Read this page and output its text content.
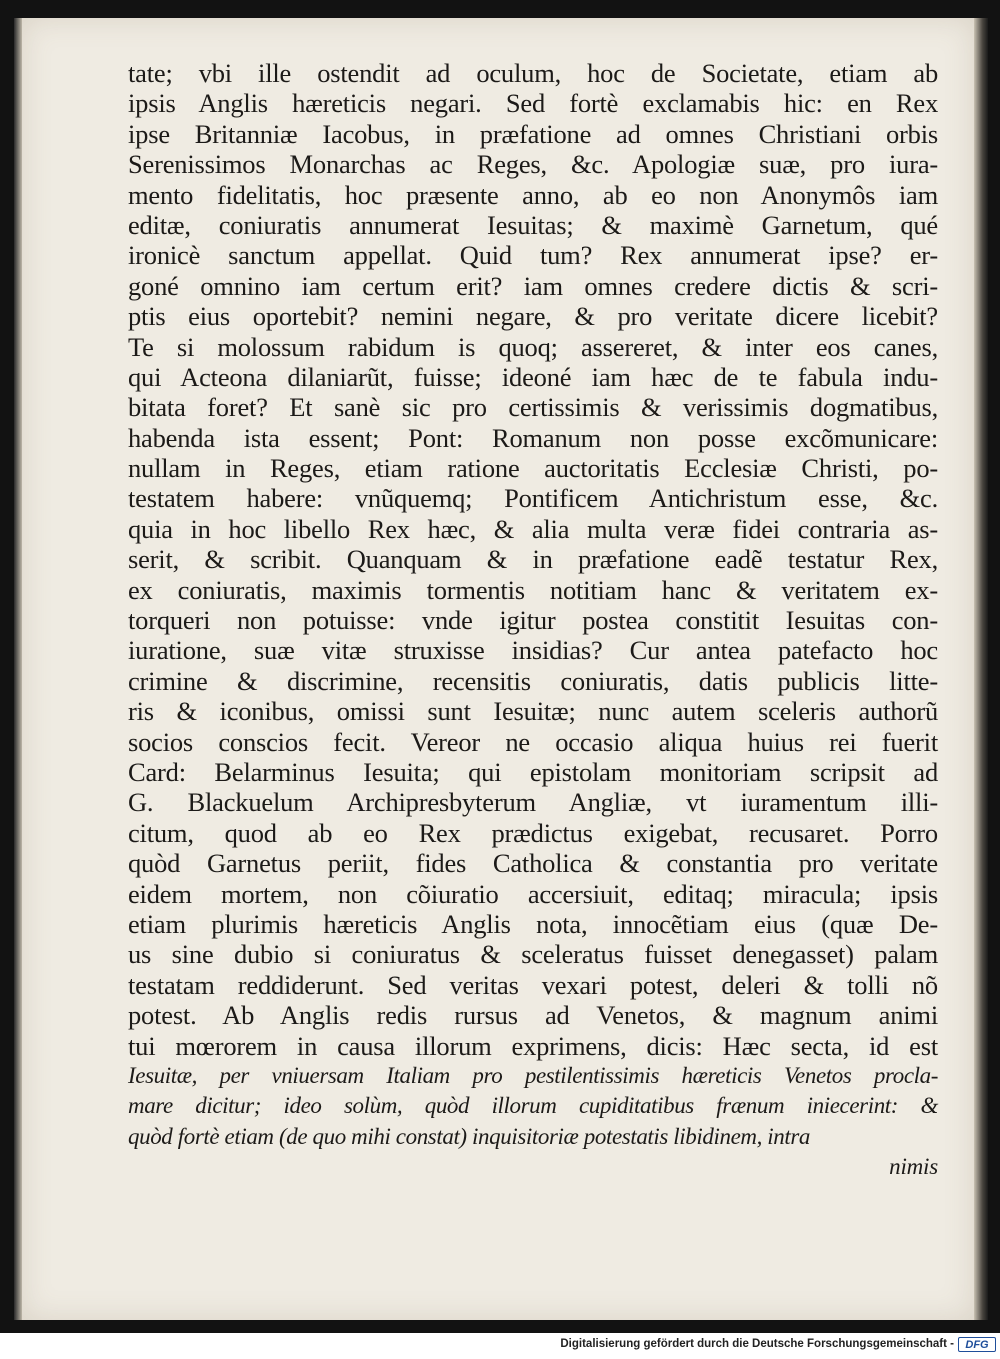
tate; vbi ille ostendit ad oculum, hoc de Societate, etiam ab
ipsis Anglis hæreticis negari. Sed fortè exclamabis hic: en Rex
ipse Britanniæ Iacobus, in præfatione ad omnes Christiani orbis
Serenissimos Monarchas ac Reges, &c. Apologiæ suæ, pro iura-
mento fidelitatis, hoc præsente anno, ab eo non Anonymôs iam
editæ, coniuratis annumerat Iesuitas; & maximè Garnetum, qué
ironicè sanctum appellat. Quid tum? Rex annumerat ipse? er-
goné omnino iam certum erit? iam omnes credere dictis & scri-
ptis eius oportebit? nemini negare, & pro veritate dicere licebit?
Te si molossum rabidum is quoq; assereret, & inter eos canes,
qui Acteona dilaniarũt, fuisse; ideoné iam hæc de te fabula indu-
bitata foret? Et sanè sic pro certissimis & verissimis dogmatibus,
habenda ista essent; Pont: Romanum non posse excõmunicare:
nullam in Reges, etiam ratione auctoritatis Ecclesiæ Christi, po-
testatem habere: vnũquemq; Pontificem Antichristum esse, &c.
quia in hoc libello Rex hæc, & alia multa veræ fidei contraria as-
serit, & scribit. Quanquam & in præfatione eadẽ testatur Rex,
ex coniuratis, maximis tormentis notitiam hanc & veritatem ex-
torqueri non potuisse: vnde igitur postea constitit Iesuitas con-
iuratione, suæ vitæ struxisse insidias? Cur antea patefacto hoc
crimine & discrimine, recensitis coniuratis, datis publicis litte-
ris & iconibus, omissi sunt Iesuitæ; nunc autem sceleris authorũ
socios conscios fecit. Vereor ne occasio aliqua huius rei fuerit
Card: Belarminus Iesuita; qui epistolam monitoriam scripsit ad
G. Blackuelum Archipresbyterum Angliæ, vt iuramentum illi-
citum, quod ab eo Rex prædictus exigebat, recusaret. Porro
quòd Garnetus periit, fides Catholica & constantia pro veritate
eidem mortem, non cõiuratio accersiuit, editaq; miracula; ipsis
etiam plurimis hæreticis Anglis nota, innocẽtiam eius (quæ De-
us sine dubio si coniuratus & sceleratus fuisset denegasset) palam
testatam reddiderunt. Sed veritas vexari potest, deleri & tolli nõ
potest. Ab Anglis redis rursus ad Venetos, & magnum animi
tui mœrorem in causa illorum exprimens, dicis: Hæc secta, id est
Iesuitæ, per vniuersam Italiam pro pestilentissimis hæreticis Venetos procla-
mare dicitur; ideo solùm, quòd illorum cupiditatibus frænum iniecerint: &
quòd fortè etiam (de quo mihi constat) inquisitoriæ potestatis libidinem, intra
nimis
Digitalisierung gefördert durch die Deutsche Forschungsgemeinschaft -	DFG
